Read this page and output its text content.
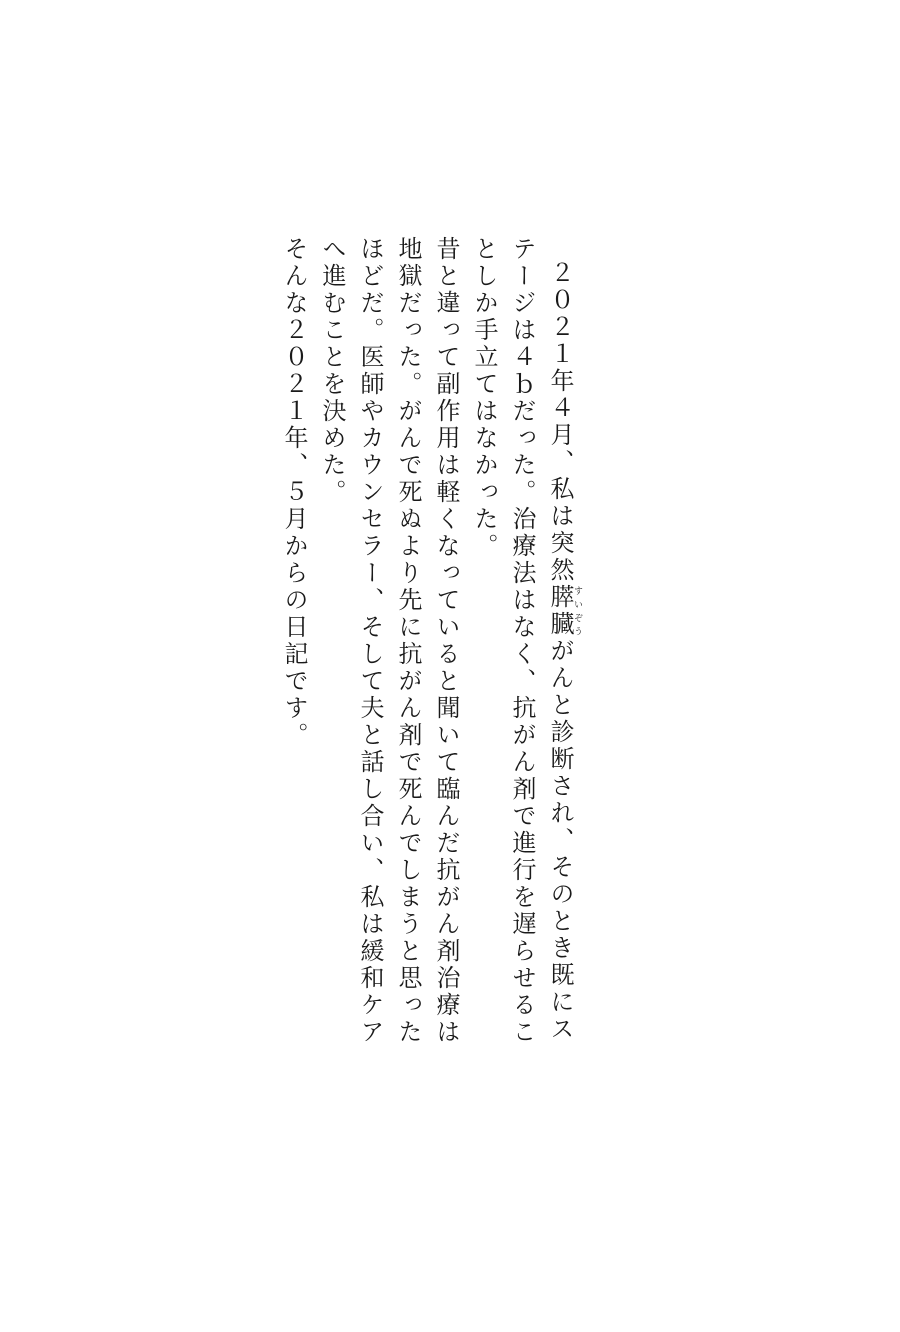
２０２１年４月、私は突然膵臓すいぞうがんと診断され、そのとき既にステージは４ｂだった。治療法はなく、抗がん剤で進行を遅らせることしか手立てはなかった。

昔と違って副作用は軽くなっていると聞いて臨んだ抗がん剤治療は地獄だった。がんで死ぬより先に抗がん剤で死んでしまうと思ったほどだ。医師やカウンセラー、そして夫と話し合い、私は緩和ケアへ進むことを決めた。

そんな２０２１年、５月からの日記です。
